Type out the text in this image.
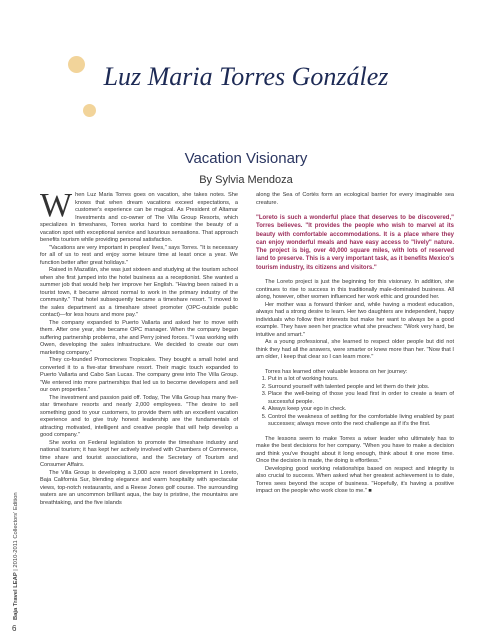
Luz Maria Torres González
Vacation Visionary
By Sylvia Mendoza

When Luz Maria Torres goes on vacation, she takes notes. She knows that when dream vacations exceed expectations, a customer's experience can be magical. As President of Altamar Investments and co-owner of The Villa Group Resorts, which specializes in timeshares, Torres works hard to combine the beauty of a vacation spot with exceptional service and luxurious sensations. That approach benefits tourism while providing personal satisfaction.

"Vacations are very important in peoples' lives," says Torres. "It is necessary for all of us to rest and enjoy some leisure time at least once a year. We function better after great holidays."

Raised in Mazatlán, she was just sixteen and studying at the tourism school when she first jumped into the hotel business as a receptionist. She wanted a summer job that would help her improve her English. "Having been raised in a tourist town, it became almost normal to work in the primary industry of the community." That hotel subsequently became a timeshare resort. "I moved to the sales department as a timeshare street promoter (OPC-outside public contact)—for less hours and more pay."

The company expanded to Puerto Vallarta and asked her to move with them. After one year, she became OPC manager. When the company began suffering partnership problems, she and Perry joined forces. "I was working with Owen, developing the sales infrastructure. We decided to create our own marketing company."

They co-founded Promociones Tropicales. They bought a small hotel and converted it to a five-star timeshare resort. Their magic touch expanded to Puerto Vallarta and Cabo San Lucas. The company grew into The Villa Group. "We entered into more partnerships that led us to become developers and sell our own properties."

The investment and passion paid off. Today, The Villa Group has many five-star timeshare resorts and nearly 2,000 employees. "The desire to sell something good to your customers, to provide them with an excellent vacation experience and to give truly honest leadership are the fundamentals of attracting motivated, intelligent and creative people that will help develop a good company."

She works on Federal legislation to promote the timeshare industry and national tourism; it has kept her actively involved with Chambers of Commerce, time share and tourist associations, and the Secretary of Tourism and Consumer Affairs.

The Villa Group is developing a 3,000 acre resort development in Loreto, Baja California Sur, blending elegance and warm hospitality with spectacular views, top-notch restaurants, and a Reese Jones golf course. The surrounding waters are an uncommon brilliant aqua, the bay is pristine, the mountains are breathtaking, and the five islands

along the Sea of Cortés form an ecological barrier for every imaginable sea creature.

"Loreto is such a wonderful place that deserves to be discovered," Torres believes. "It provides the people who wish to marvel at its beauty with comfortable accommodations. It is a place where they can enjoy wonderful meals and have easy access to "lively" nature. The project is big, over 40,000 square miles, with lots of reserved land to preserve. This is a very important task, as it benefits Mexico's tourism industry, its citizens and visitors."

The Loreto project is just the beginning for this visionary. In addition, she continues to rise to success in this traditionally male-dominated business. All along, however, other women influenced her work ethic and grounded her.

Her mother was a forward thinker and, while having a modest education, always had a strong desire to learn. Her two daughters are independent, happy individuals who follow their interests but make her want to always be a good example. They have seen her practice what she preaches: "Work very hard, be intuitive and smart."

As a young professional, she learned to respect older people but did not think they had all the answers, were smarter or knew more than her. "Now that I am older, I keep that clear so I can learn more."

Torres has learned other valuable lessons on her journey:

1. Put in a lot of working hours.
2. Surround yourself with talented people and let them do their jobs.
3. Place the well-being of those you lead first in order to create a team of successful people.
4. Always keep your ego in check.
5. Control the weakness of settling for the comfortable living enabled by past successes; always move onto the next challenge as if it's the first.

The lessons seem to make Torres a wiser leader who ultimately has to make the best decisions for her company. "When you have to make a decision and think you've thought about it long enough, think about it one more time. Once the decision is made, the doing is effortless."

Developing good working relationships based on respect and integrity is also crucial to success. When asked what her greatest achievement is to date, Torres sees beyond the scope of business. "Hopefully, it's having a positive impact on the people who work close to me." ■

Baja Travel LEAP | 2010-2011 Collectors' Edition
6
